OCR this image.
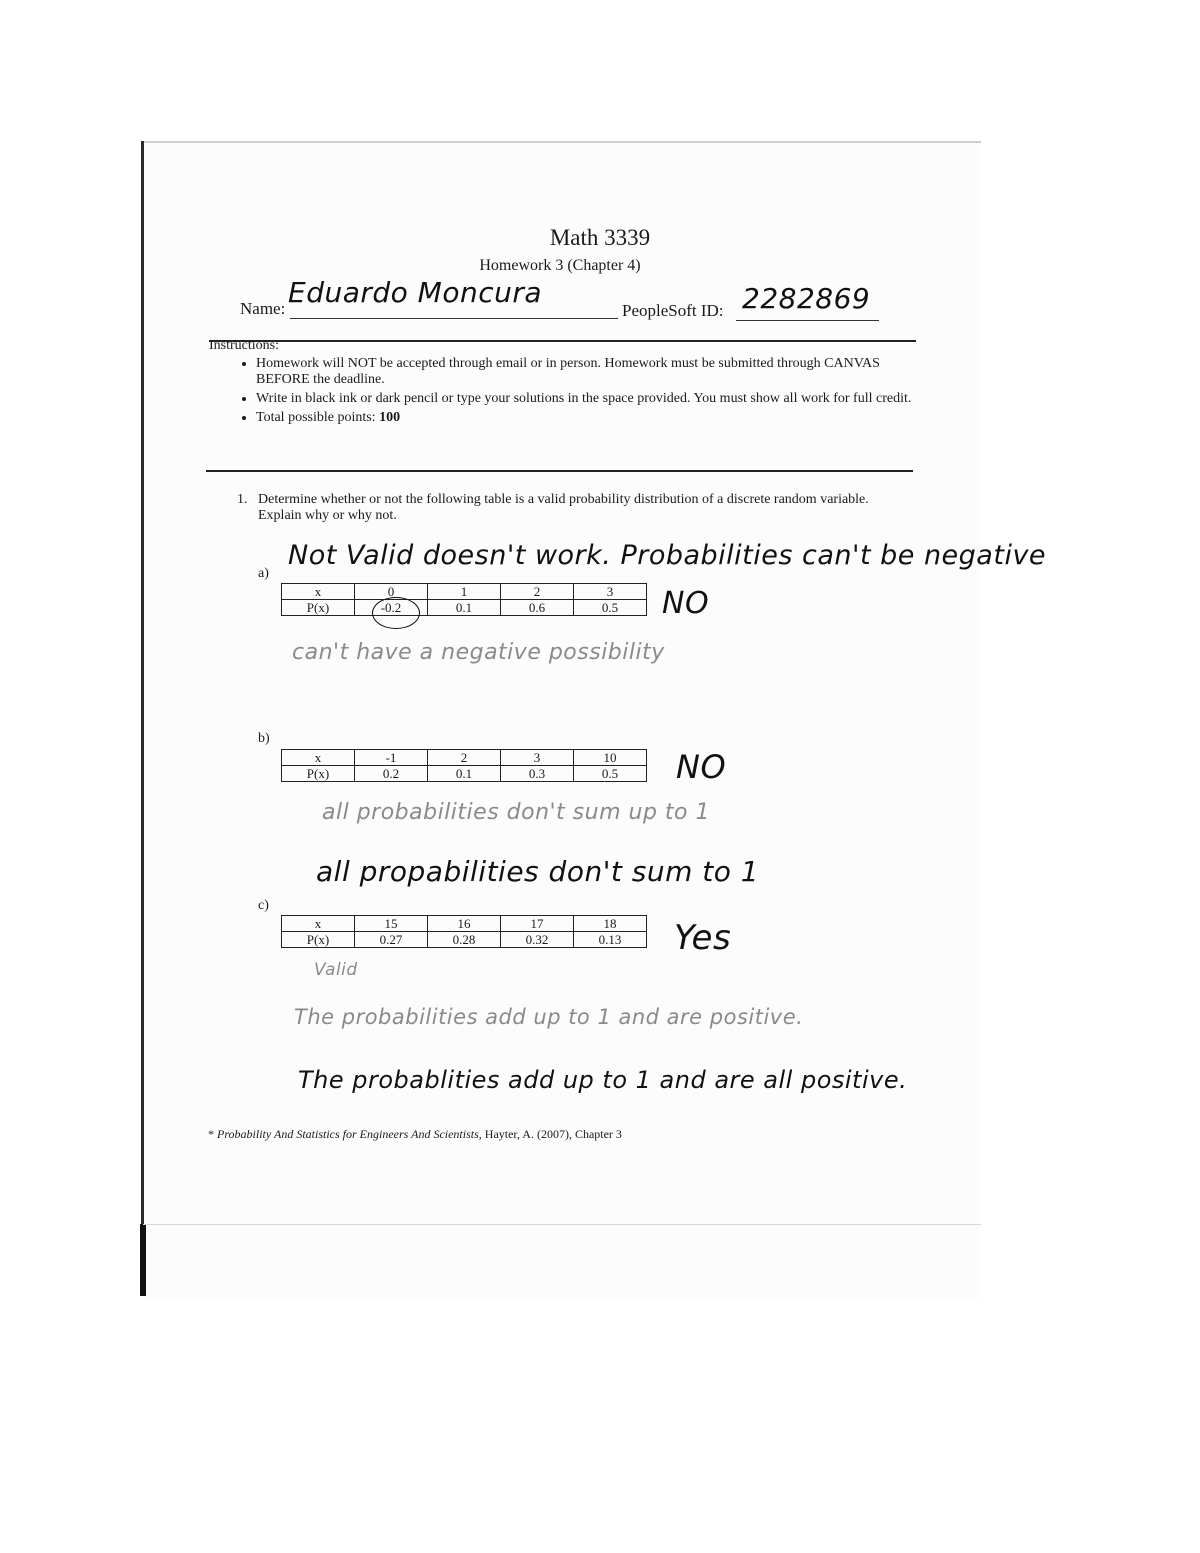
Math 3339
Homework 3 (Chapter 4)
Name: Eduardo Moncura
PeopleSoft ID: 2282869
Instructions:
• Homework will NOT be accepted through email or in person. Homework must be submitted through CANVAS BEFORE the deadline.
• Write in black ink or dark pencil or type your solutions in the space provided. You must show all work for full credit.
• Total possible points: 100
1. Determine whether or not the following table is a valid probability distribution of a discrete random variable. Explain why or why not.
a)
Not Valid doesn't work. Probabilities can't be negative
x	0	1	2	3
P(x)	-0.2	0.1	0.6	0.5 NO
can't have a negative possibility
b)
x	-1	2	3	10
P(x)	0.2	0.1	0.3	0.5 NO
all probabilities don't sum up to 1
all propabilities don't sum to 1
c)
x	15	16	17	18
P(x)	0.27	0.28	0.32	0.13 Yes
Valid
The probabilities add up to 1 and are positive.
The probablities add up to 1 and are all positive.
* Probability And Statistics for Engineers And Scientists, Hayter, A. (2007), Chapter 3
